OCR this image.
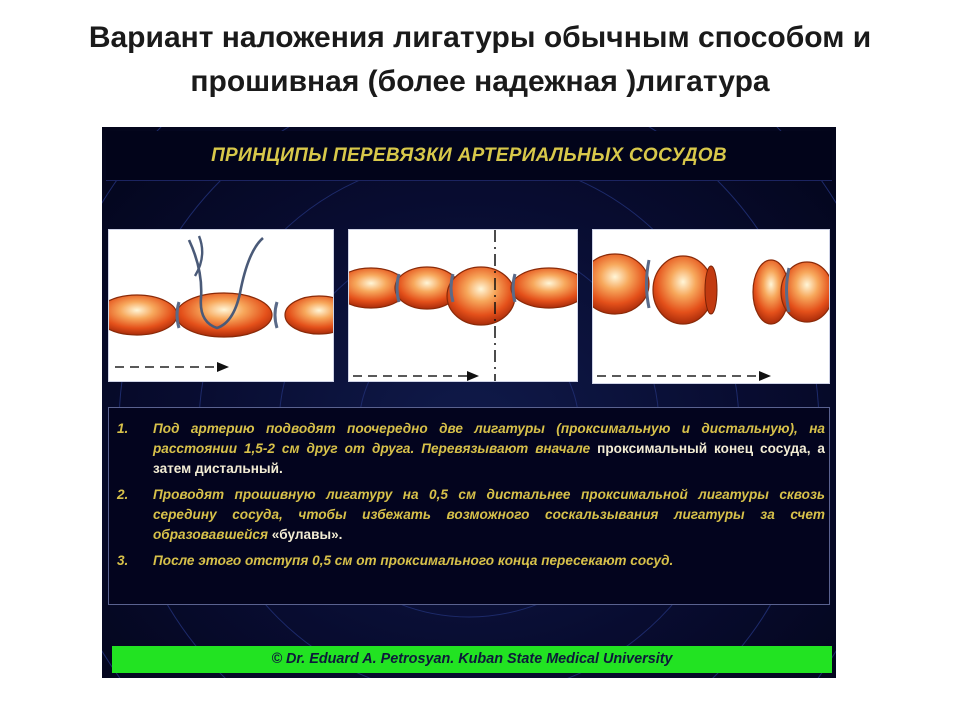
Вариант наложения лигатуры обычным способом и
прошивная (более надежная )лигатура
ПРИНЦИПЫ ПЕРЕВЯЗКИ АРТЕРИАЛЬНЫХ СОСУДОВ
1. Под артерию подводят поочередно две лигатуры (проксимальную и дистальную), на расстоянии 1,5-2 см друг от друга. Перевязывают вначале проксимальный конец сосуда, а затем дистальный.
2. Проводят прошивную лигатуру на 0,5 см дистальнее проксимальной лигатуры сквозь середину сосуда, чтобы избежать возможного соскальзывания лигатуры за счет образовавшейся «булавы».
3. После этого отступя 0,5 см от проксимального конца пересекают сосуд.
© Dr. Eduard A. Petrosyan. Kuban State Medical University
